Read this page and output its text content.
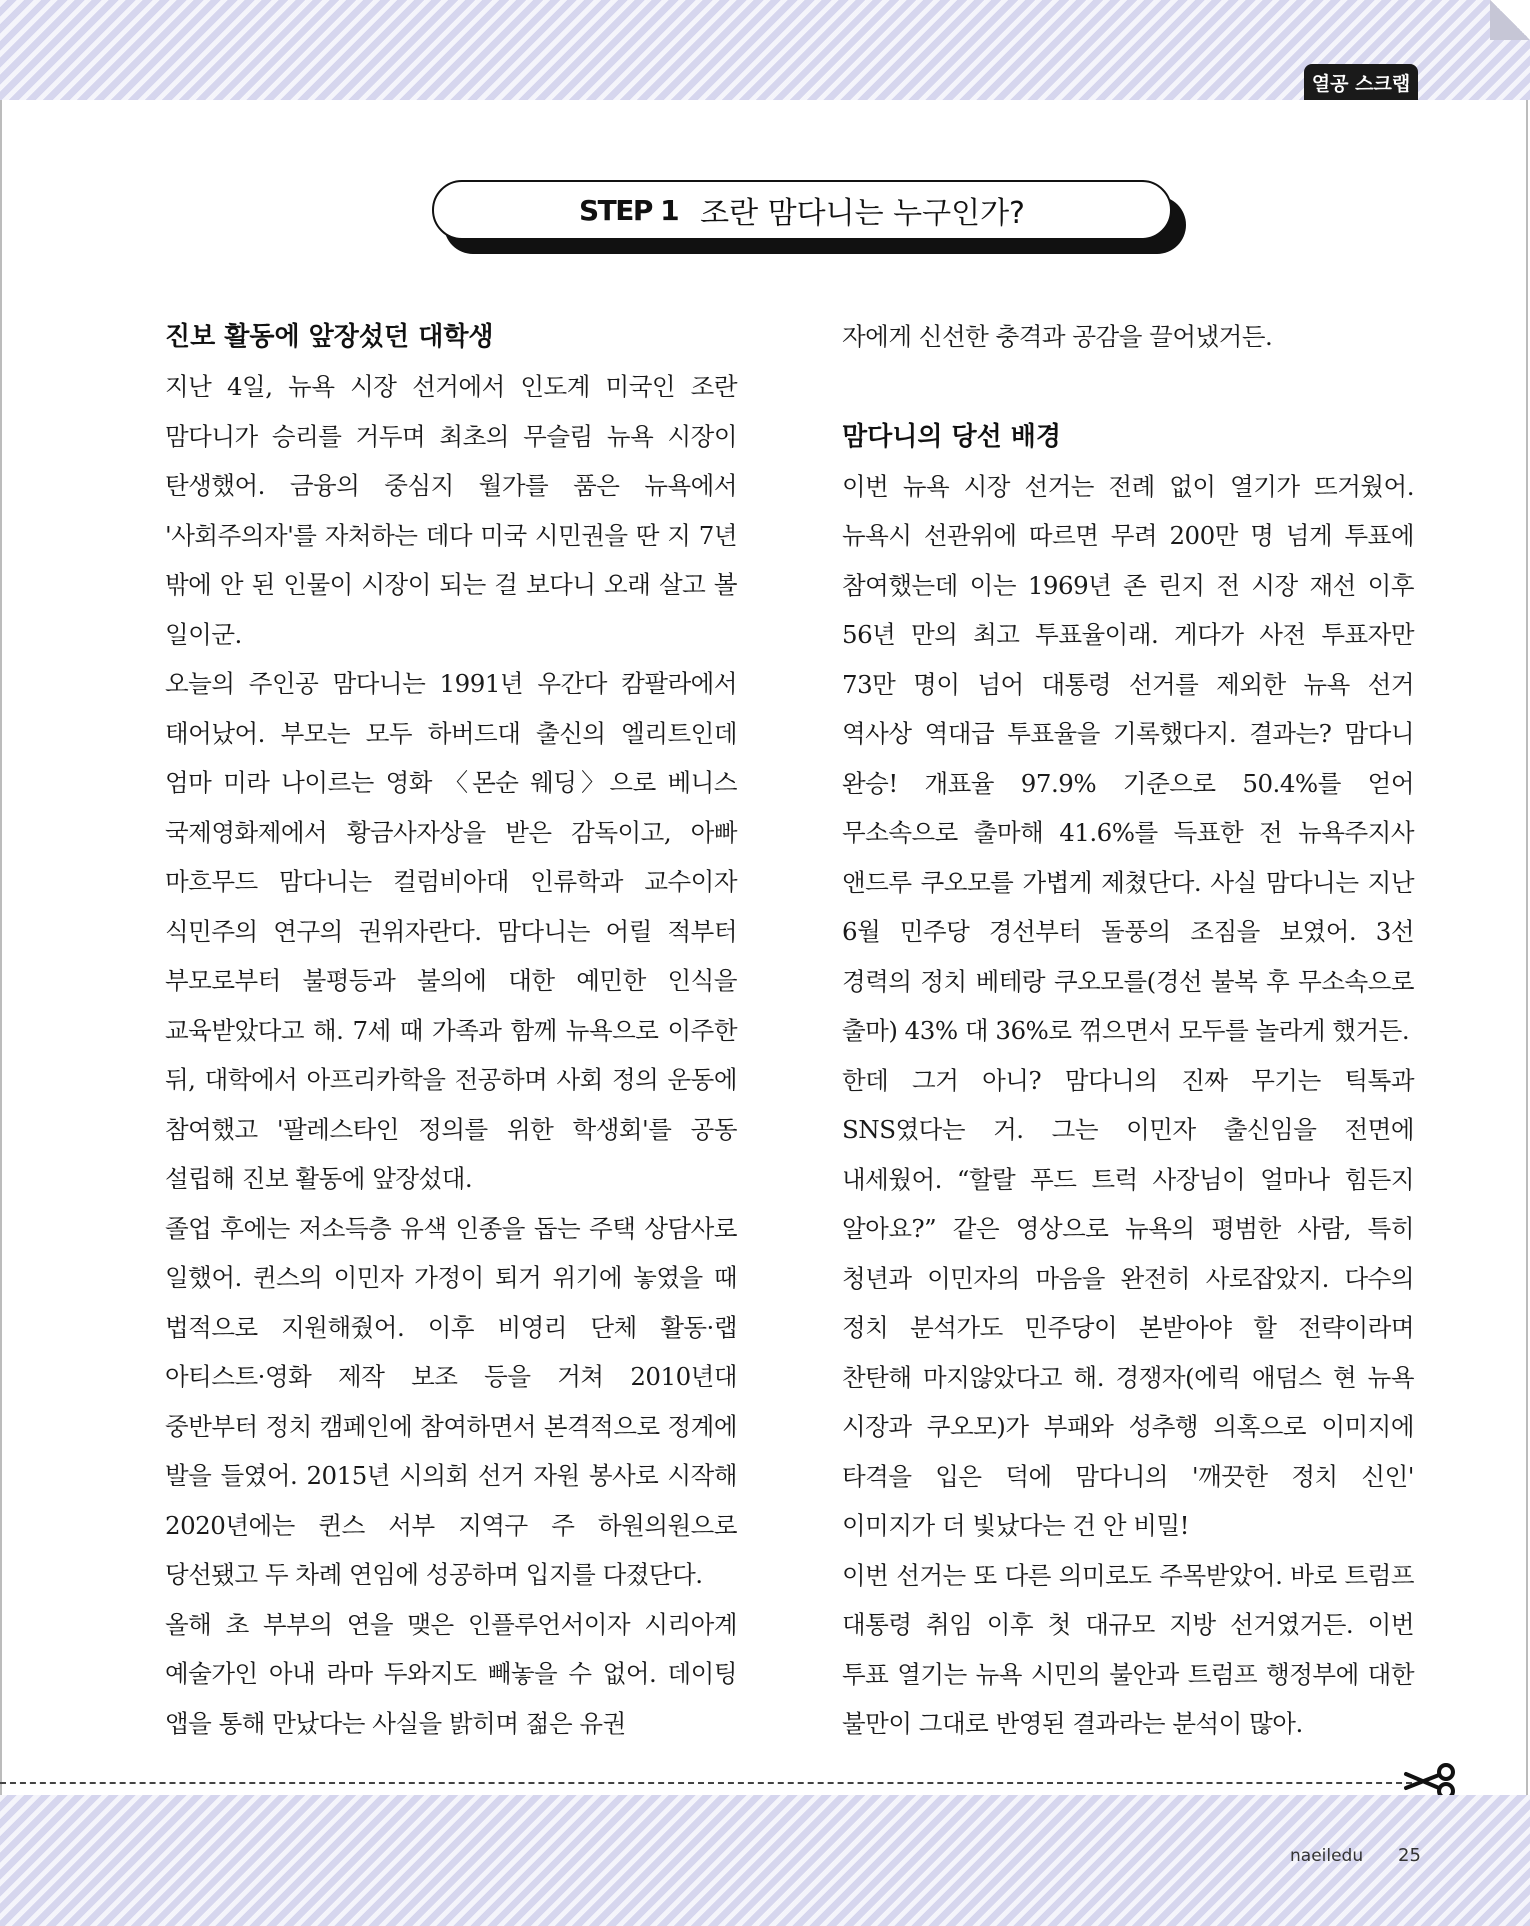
열공 스크랩
STEP 1 조란 맘다니는 누구인가?
진보 활동에 앞장섰던 대학생

지난 4일, 뉴욕 시장 선거에서 인도계 미국인 조란 맘다니가 승리를 거두며 최초의 무슬림 뉴욕 시장이 탄생했어. 금융의 중심지 월가를 품은 뉴욕에서 '사회주의자'를 자처하는 데다 미국 시민권을 딴 지 7년 밖에 안 된 인물이 시장이 되는 걸 보다니 오래 살고 볼 일이군.

오늘의 주인공 맘다니는 1991년 우간다 캄팔라에서 태어났어. 부모는 모두 하버드대 출신의 엘리트인데 엄마 미라 나이르는 영화 〈몬순 웨딩〉으로 베니스 국제영화제에서 황금사자상을 받은 감독이고, 아빠 마흐무드 맘다니는 컬럼비아대 인류학과 교수이자 식민주의 연구의 권위자란다. 맘다니는 어릴 적부터 부모로부터 불평등과 불의에 대한 예민한 인식을 교육받았다고 해. 7세 때 가족과 함께 뉴욕으로 이주한 뒤, 대학에서 아프리카학을 전공하며 사회 정의 운동에 참여했고 '팔레스타인 정의를 위한 학생회'를 공동 설립해 진보 활동에 앞장섰대.

졸업 후에는 저소득층 유색 인종을 돕는 주택 상담사로 일했어. 퀸스의 이민자 가정이 퇴거 위기에 놓였을 때 법적으로 지원해줬어. 이후 비영리 단체 활동·랩 아티스트·영화 제작 보조 등을 거쳐 2010년대 중반부터 정치 캠페인에 참여하면서 본격적으로 정계에 발을 들였어. 2015년 시의회 선거 자원 봉사로 시작해 2020년에는 퀸스 서부 지역구 주 하원의원으로 당선됐고 두 차례 연임에 성공하며 입지를 다졌단다.

올해 초 부부의 연을 맺은 인플루언서이자 시리아계 예술가인 아내 라마 두와지도 빼놓을 수 없어. 데이팅 앱을 통해 만났다는 사실을 밝히며 젊은 유권

자에게 신선한 충격과 공감을 끌어냈거든.

맘다니의 당선 배경

이번 뉴욕 시장 선거는 전례 없이 열기가 뜨거웠어. 뉴욕시 선관위에 따르면 무려 200만 명 넘게 투표에 참여했는데 이는 1969년 존 린지 전 시장 재선 이후 56년 만의 최고 투표율이래. 게다가 사전 투표자만 73만 명이 넘어 대통령 선거를 제외한 뉴욕 선거 역사상 역대급 투표율을 기록했다지. 결과는? 맘다니 완승! 개표율 97.9% 기준으로 50.4%를 얻어 무소속으로 출마해 41.6%를 득표한 전 뉴욕주지사 앤드루 쿠오모를 가볍게 제쳤단다. 사실 맘다니는 지난 6월 민주당 경선부터 돌풍의 조짐을 보였어. 3선 경력의 정치 베테랑 쿠오모를(경선 불복 후 무소속으로 출마) 43% 대 36%로 꺾으면서 모두를 놀라게 했거든.

한데 그거 아니? 맘다니의 진짜 무기는 틱톡과 SNS였다는 거. 그는 이민자 출신임을 전면에 내세웠어. “할랄 푸드 트럭 사장님이 얼마나 힘든지 알아요?” 같은 영상으로 뉴욕의 평범한 사람, 특히 청년과 이민자의 마음을 완전히 사로잡았지. 다수의 정치 분석가도 민주당이 본받아야 할 전략이라며 찬탄해 마지않았다고 해. 경쟁자(에릭 애덤스 현 뉴욕 시장과 쿠오모)가 부패와 성추행 의혹으로 이미지에 타격을 입은 덕에 맘다니의 '깨끗한 정치 신인' 이미지가 더 빛났다는 건 안 비밀!

이번 선거는 또 다른 의미로도 주목받았어. 바로 트럼프 대통령 취임 이후 첫 대규모 지방 선거였거든. 이번 투표 열기는 뉴욕 시민의 불안과 트럼프 행정부에 대한 불만이 그대로 반영된 결과라는 분석이 많아.

naeiledu 25
